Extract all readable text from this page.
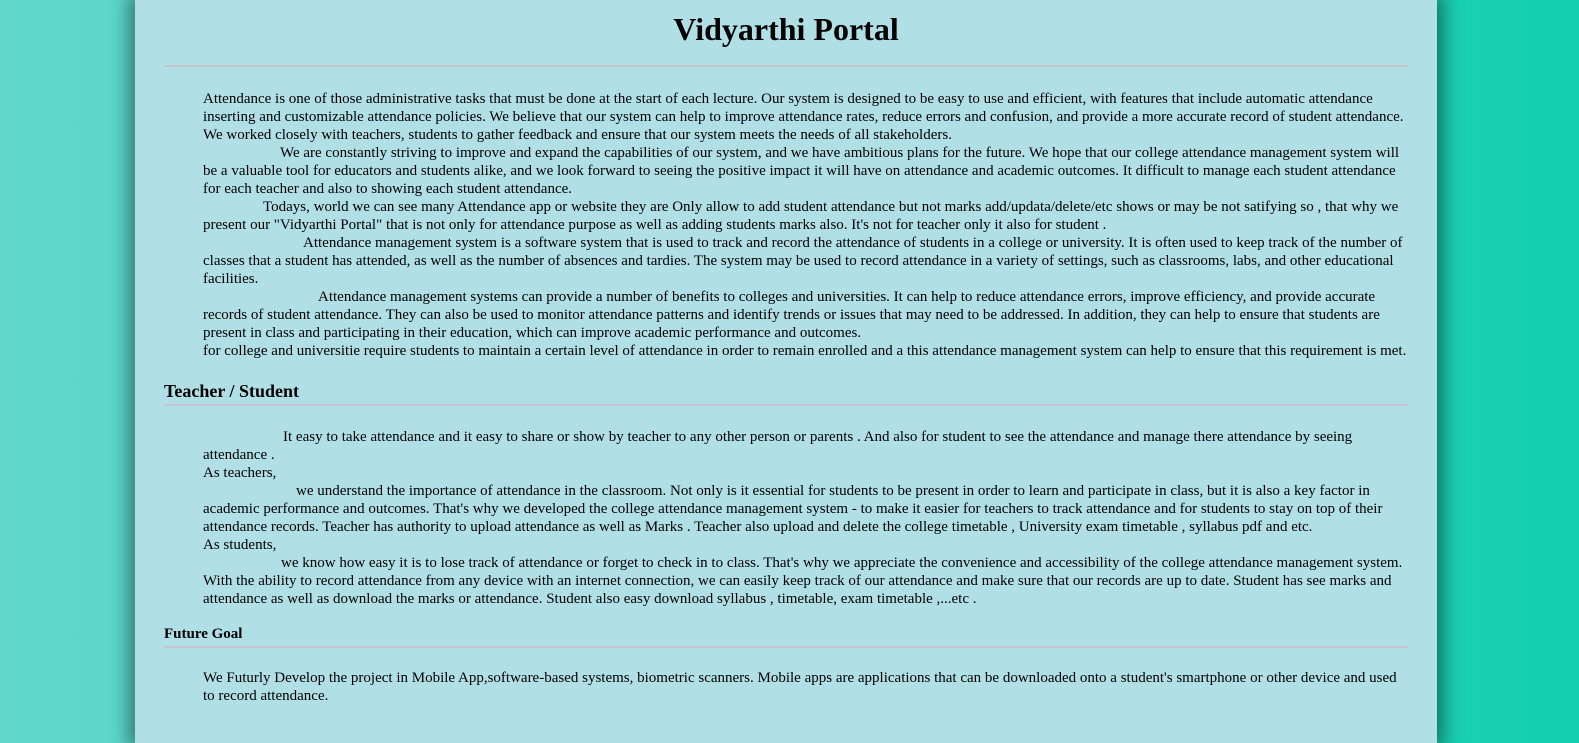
Vidyarthi Portal
Attendance is one of those administrative tasks that must be done at the start of each lecture. Our system is designed to be easy to use and efficient, with features that include automatic attendance inserting and customizable attendance policies. We believe that our system can help to improve attendance rates, reduce errors and confusion, and provide a more accurate record of student attendance. We worked closely with teachers, students to gather feedback and ensure that our system meets the needs of all stakeholders.
We are constantly striving to improve and expand the capabilities of our system, and we have ambitious plans for the future. We hope that our college attendance management system will be a valuable tool for educators and students alike, and we look forward to seeing the positive impact it will have on attendance and academic outcomes. It difficult to manage each student attendance for each teacher and also to showing each student attendance.
Todays, world we can see many Attendance app or website they are Only allow to add student attendance but not marks add/updata/delete/etc shows or may be not satifying so , that why we present our "Vidyarthi Portal" that is not only for attendance purpose as well as adding students marks also. It's not for teacher only it also for student .
Attendance management system is a software system that is used to track and record the attendance of students in a college or university. It is often used to keep track of the number of classes that a student has attended, as well as the number of absences and tardies. The system may be used to record attendance in a variety of settings, such as classrooms, labs, and other educational facilities.
Attendance management systems can provide a number of benefits to colleges and universities. It can help to reduce attendance errors, improve efficiency, and provide accurate records of student attendance. They can also be used to monitor attendance patterns and identify trends or issues that may need to be addressed. In addition, they can help to ensure that students are present in class and participating in their education, which can improve academic performance and outcomes.
for college and universitie require students to maintain a certain level of attendance in order to remain enrolled and a this attendance management system can help to ensure that this requirement is met.
Teacher / Student
It easy to take attendance and it easy to share or show by teacher to any other person or parents . And also for student to see the attendance and manage there attendance by seeing attendance .
As teachers,
we understand the importance of attendance in the classroom. Not only is it essential for students to be present in order to learn and participate in class, but it is also a key factor in academic performance and outcomes. That's why we developed the college attendance management system - to make it easier for teachers to track attendance and for students to stay on top of their attendance records. Teacher has authority to upload attendance as well as Marks . Teacher also upload and delete the college timetable , University exam timetable , syllabus pdf and etc.
As students,
we know how easy it is to lose track of attendance or forget to check in to class. That's why we appreciate the convenience and accessibility of the college attendance management system. With the ability to record attendance from any device with an internet connection, we can easily keep track of our attendance and make sure that our records are up to date. Student has see marks and attendance as well as download the marks or attendance. Student also easy download syllabus , timetable, exam timetable ,...etc .
Future Goal
We Futurly Develop the project in Mobile App,software-based systems, biometric scanners. Mobile apps are applications that can be downloaded onto a student's smartphone or other device and used to record attendance.
